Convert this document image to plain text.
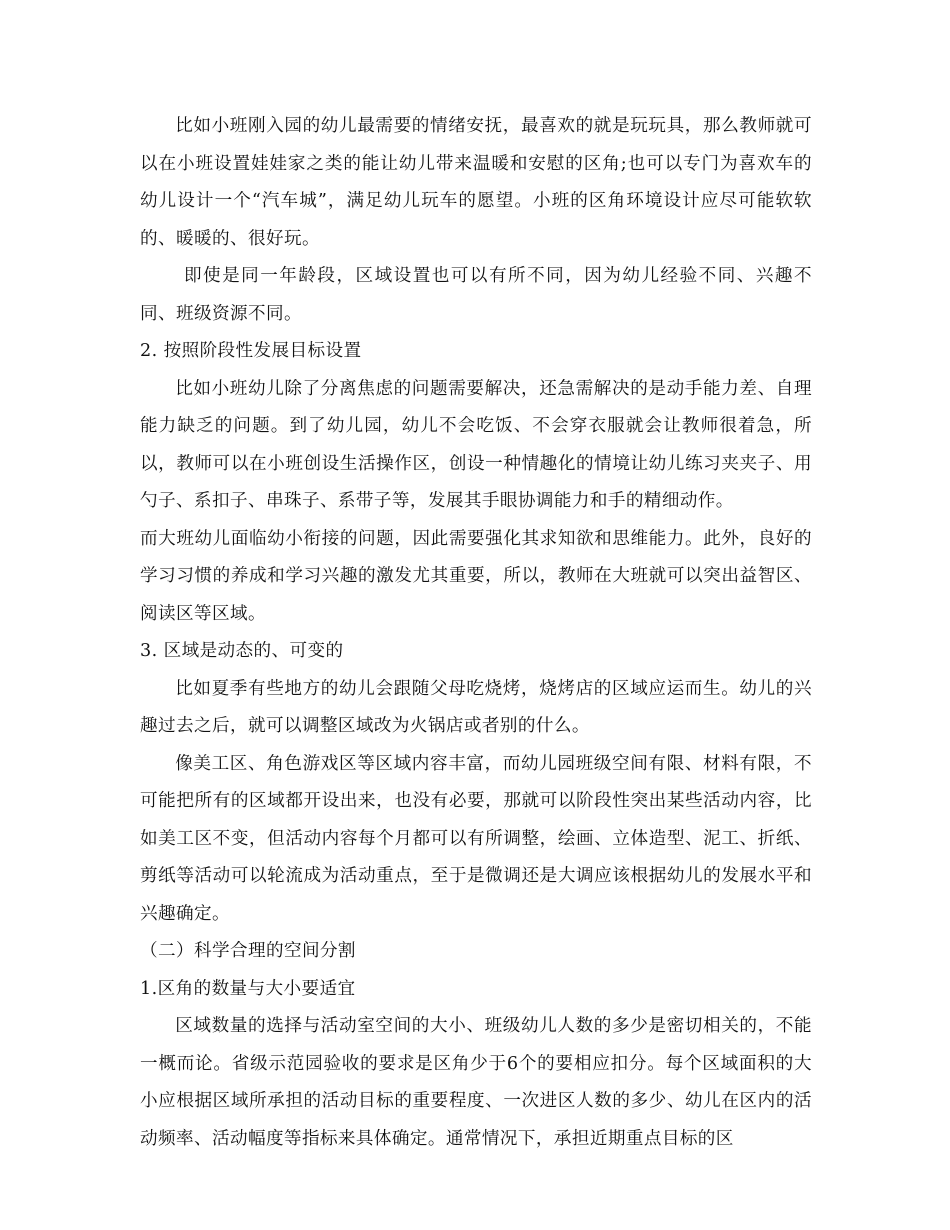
比如小班刚入园的幼儿最需要的情绪安抚，最喜欢的就是玩玩具，那么教师就可以在小班设置娃娃家之类的能让幼儿带来温暖和安慰的区角;也可以专门为喜欢车的幼儿设计一个“汽车城”，满足幼儿玩车的愿望。小班的区角环境设计应尽可能软软的、暖暖的、很好玩。

即使是同一年龄段，区域设置也可以有所不同，因为幼儿经验不同、兴趣不同、班级资源不同。

2. 按照阶段性发展目标设置

比如小班幼儿除了分离焦虑的问题需要解决，还急需解决的是动手能力差、自理能力缺乏的问题。到了幼儿园，幼儿不会吃饭、不会穿衣服就会让教师很着急，所以，教师可以在小班创设生活操作区，创设一种情趣化的情境让幼儿练习夹夹子、用勺子、系扣子、串珠子、系带子等，发展其手眼协调能力和手的精细动作。

而大班幼儿面临幼小衔接的问题，因此需要强化其求知欲和思维能力。此外，良好的学习习惯的养成和学习兴趣的激发尤其重要，所以，教师在大班就可以突出益智区、阅读区等区域。

3. 区域是动态的、可变的

比如夏季有些地方的幼儿会跟随父母吃烧烤，烧烤店的区域应运而生。幼儿的兴趣过去之后，就可以调整区域改为火锅店或者别的什么。

像美工区、角色游戏区等区域内容丰富，而幼儿园班级空间有限、材料有限，不可能把所有的区域都开设出来，也没有必要，那就可以阶段性突出某些活动内容，比如美工区不变，但活动内容每个月都可以有所调整，绘画、立体造型、泥工、折纸、剪纸等活动可以轮流成为活动重点，至于是微调还是大调应该根据幼儿的发展水平和兴趣确定。

（二）科学合理的空间分割

1.区角的数量与大小要适宜

区域数量的选择与活动室空间的大小、班级幼儿人数的多少是密切相关的，不能一概而论。省级示范园验收的要求是区角少于6个的要相应扣分。每个区域面积的大小应根据区域所承担的活动目标的重要程度、一次进区人数的多少、幼儿在区内的活动频率、活动幅度等指标来具体确定。通常情况下，承担近期重点目标的区
